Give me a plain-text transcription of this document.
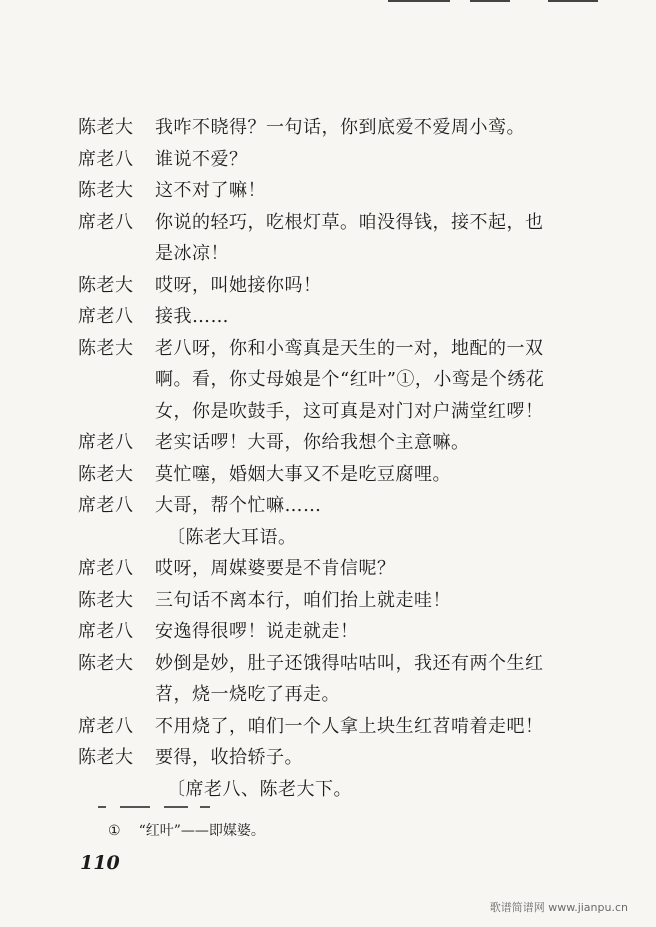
陈老大	我咋不晓得？一句话，你到底爱不爱周小鸾。
席老八	谁说不爱？
陈老大	这不对了嘛！
席老八	你说的轻巧，吃根灯草。咱没得钱，接不起，也
是冰凉！
陈老大	哎呀，叫她接你吗！
席老八	接我……
陈老大	老八呀，你和小鸾真是天生的一对，地配的一双
啊。看，你丈母娘是个“红叶”①，小鸾是个绣花
女，你是吹鼓手，这可真是对门对户满堂红啰！
席老八	老实话啰！大哥，你给我想个主意嘛。
陈老大	莫忙噻，婚姻大事又不是吃豆腐哩。
席老八	大哥，帮个忙嘛……
〔陈老大耳语。
席老八	哎呀，周媒婆要是不肯信呢？
陈老大	三句话不离本行，咱们抬上就走哇！
席老八	安逸得很啰！说走就走！
陈老大	妙倒是妙，肚子还饿得咕咕叫，我还有两个生红
苕，烧一烧吃了再走。
席老八	不用烧了，咱们一个人拿上块生红苕啃着走吧！
陈老大	要得，收拾轿子。
〔席老八、陈老大下。
① “红叶”——即媒婆。
110
歌谱简谱网 www.jianpu.cn
